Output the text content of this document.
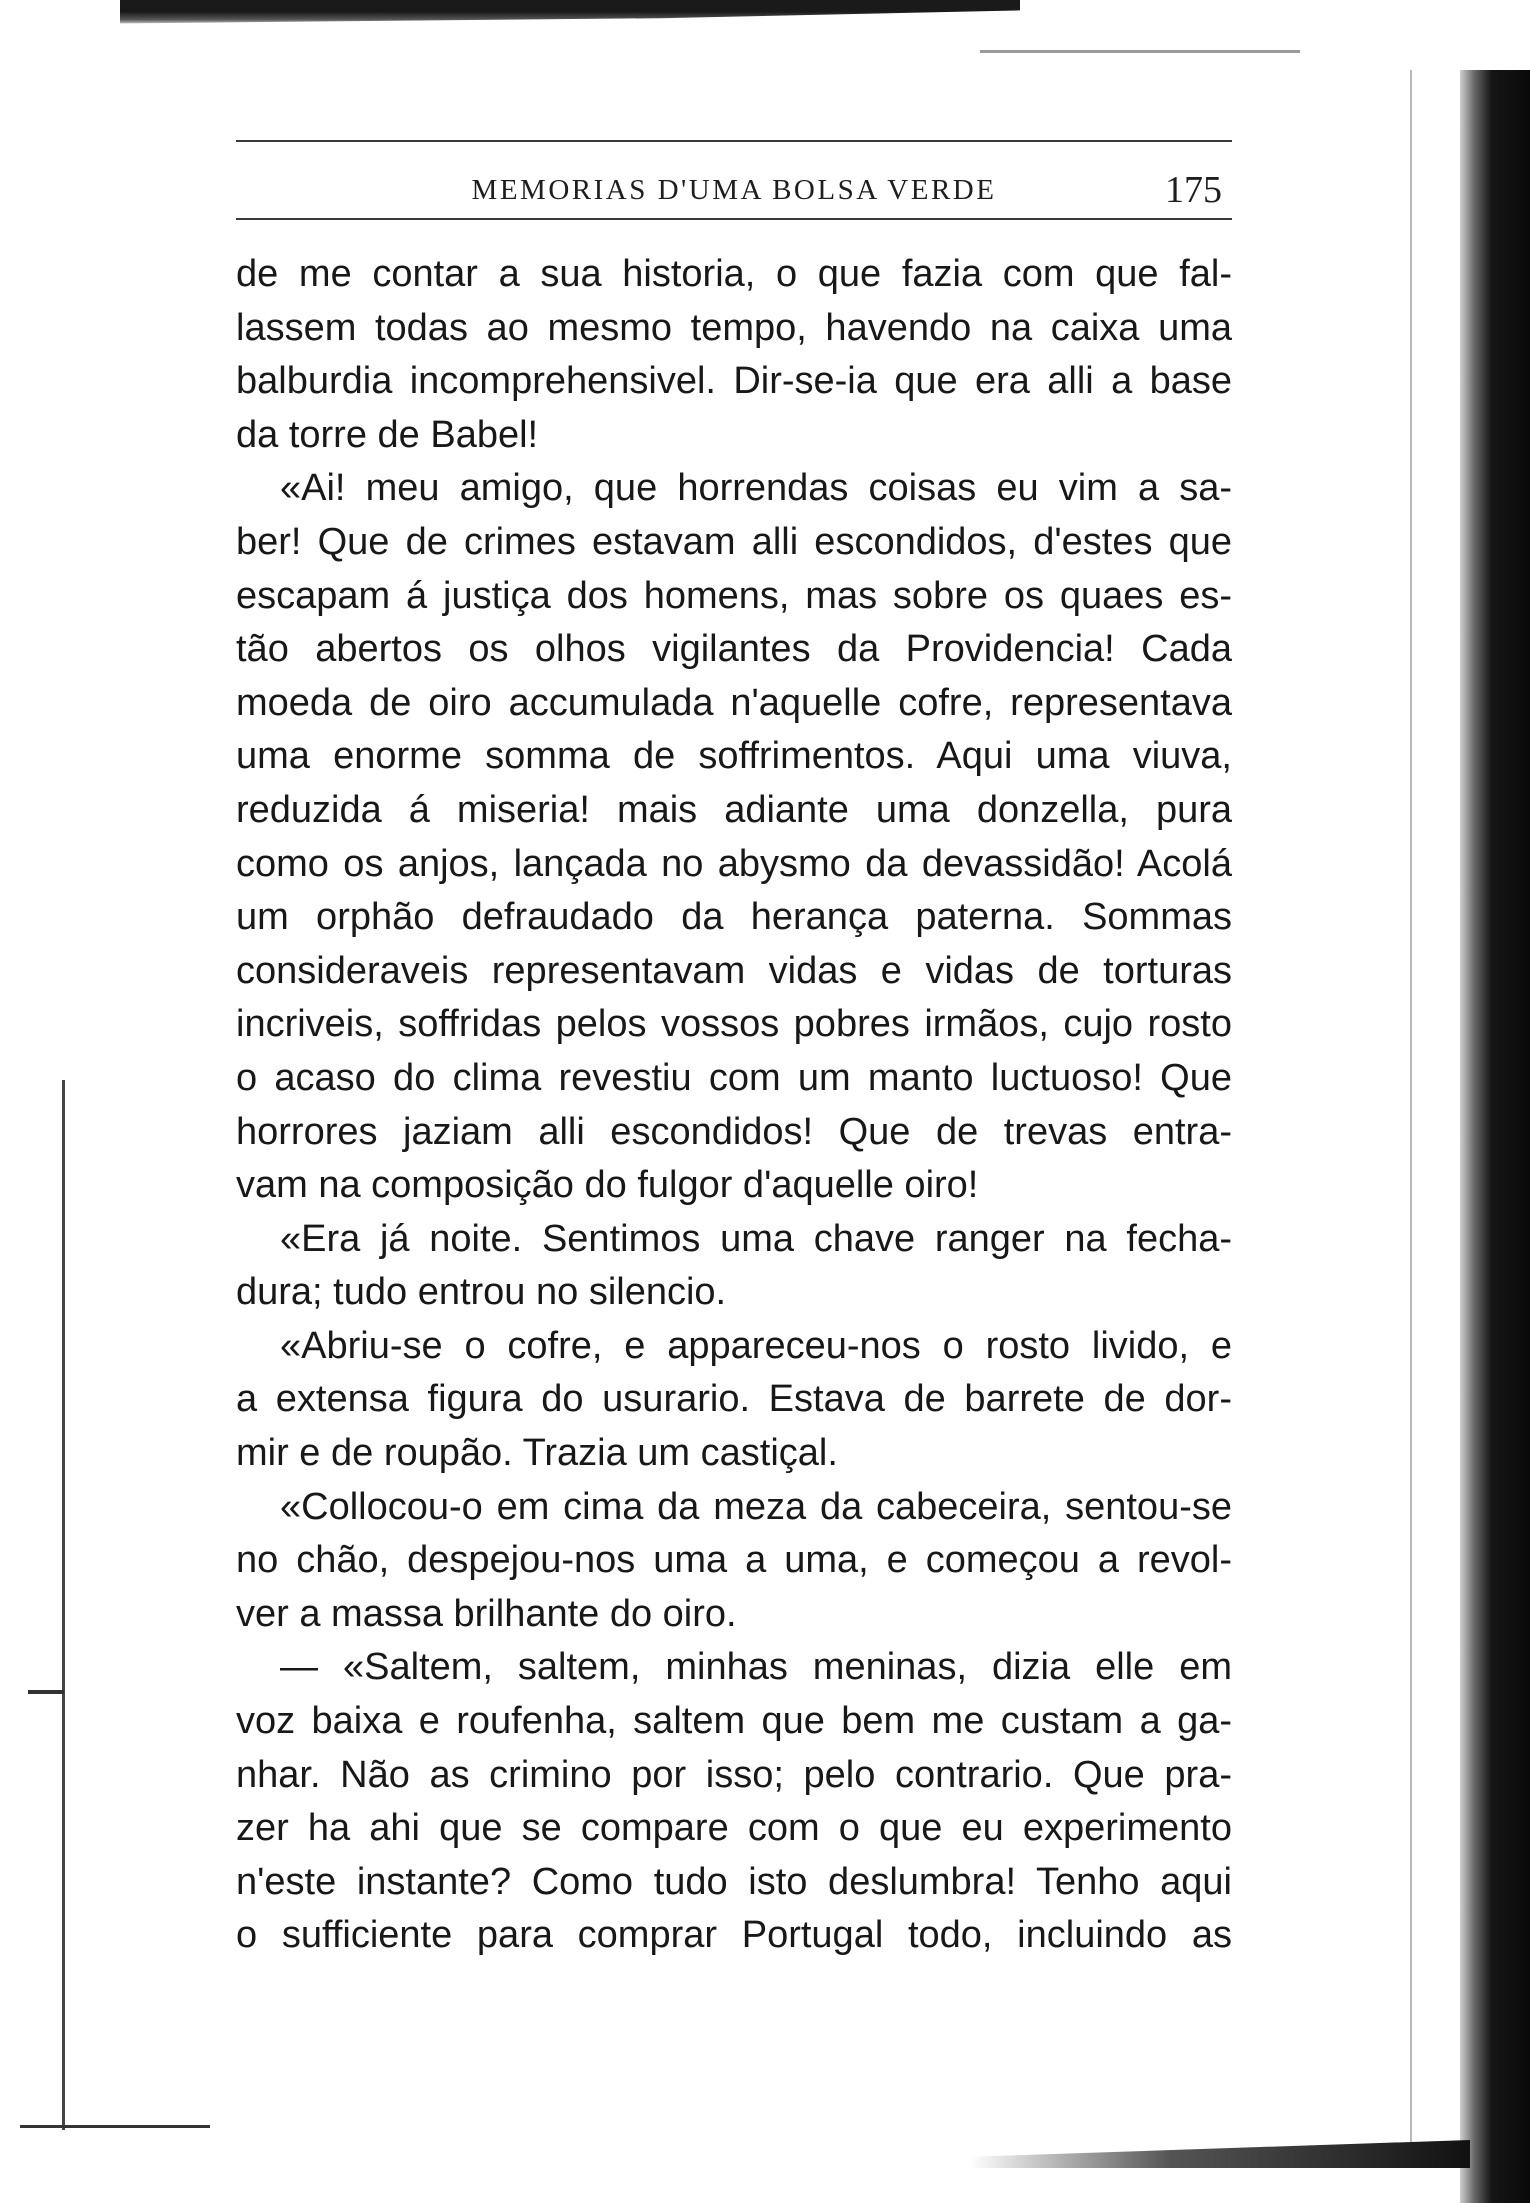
MEMORIAS D'UMA BOLSA VERDE	175
de me contar a sua historia, o que fazia com que fal-
lassem todas ao mesmo tempo, havendo na caixa uma
balburdia incomprehensivel. Dir-se-ia que era alli a base
da torre de Babel!
«Ai! meu amigo, que horrendas coisas eu vim a sa-
ber! Que de crimes estavam alli escondidos, d'estes que
escapam á justiça dos homens, mas sobre os quaes es-
tão abertos os olhos vigilantes da Providencia! Cada
moeda de oiro accumulada n'aquelle cofre, representava
uma enorme somma de soffrimentos. Aqui uma viuva,
reduzida á miseria! mais adiante uma donzella, pura
como os anjos, lançada no abysmo da devassidão! Acolá
um orphão defraudado da herança paterna. Sommas
consideraveis representavam vidas e vidas de torturas
incriveis, soffridas pelos vossos pobres irmãos, cujo rosto
o acaso do clima revestiu com um manto luctuoso! Que
horrores jaziam alli escondidos! Que de trevas entra-
vam na composição do fulgor d'aquelle oiro!
«Era já noite. Sentimos uma chave ranger na fecha-
dura; tudo entrou no silencio.
«Abriu-se o cofre, e appareceu-nos o rosto livido, e
a extensa figura do usurario. Estava de barrete de dor-
mir e de roupão. Trazia um castiçal.
«Collocou-o em cima da meza da cabeceira, sentou-se
no chão, despejou-nos uma a uma, e começou a revol-
ver a massa brilhante do oiro.
— «Saltem, saltem, minhas meninas, dizia elle em
voz baixa e roufenha, saltem que bem me custam a ga-
nhar. Não as crimino por isso; pelo contrario. Que pra-
zer ha ahi que se compare com o que eu experimento
n'este instante? Como tudo isto deslumbra! Tenho aqui
o sufficiente para comprar Portugal todo, incluindo as
